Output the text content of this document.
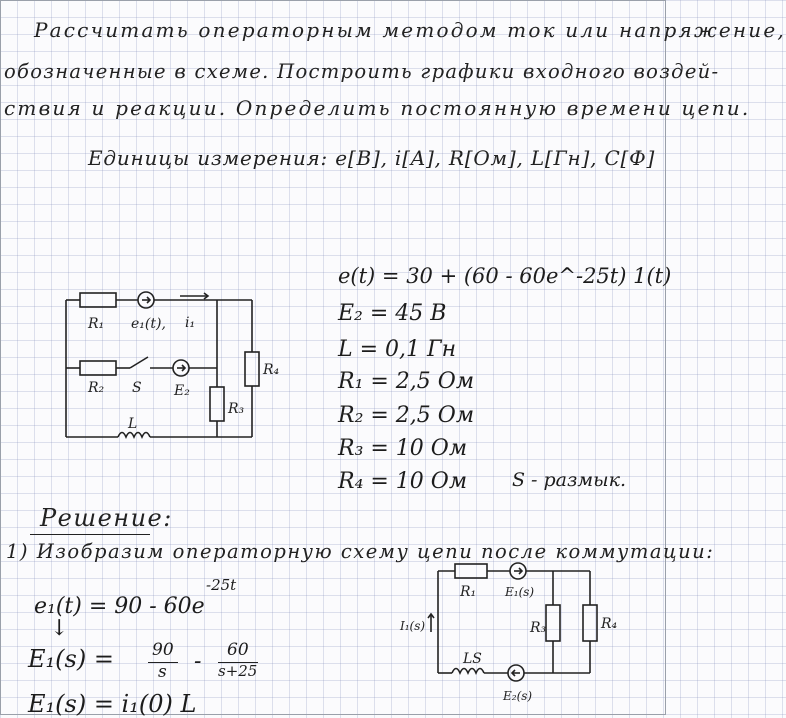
Рассчитать операторным методом ток или напряжение,
обозначенные в схеме. Построить графики входного воздей-
ствия и реакции. Определить постоянную времени цепи.
Единицы измерения: e[В], i[A], R[Ом], L[Гн], C[Ф]
R₁ e₁(t), i₁
R₂ S E₂
R₃
R₄
L
e(t) = 30 + (60 - 60e^-25t) 1(t)
E₂ = 45 В
L = 0,1 Гн
R₁ = 2,5 Ом
R₂ = 2,5 Ом
R₃ = 10 Ом
R₄ = 10 Ом S - размык.
Решение:
1) Изобразим операторную схему цепи после коммутации:
e₁(t) = 90 - 60e
-25t
↓
E₁(s) = 90
s - 60
s+25
E₁(s) = i₁(0) L
R₁ E₁(s)
R₃	R₄
LS
E₂(s)
I₁(s)
